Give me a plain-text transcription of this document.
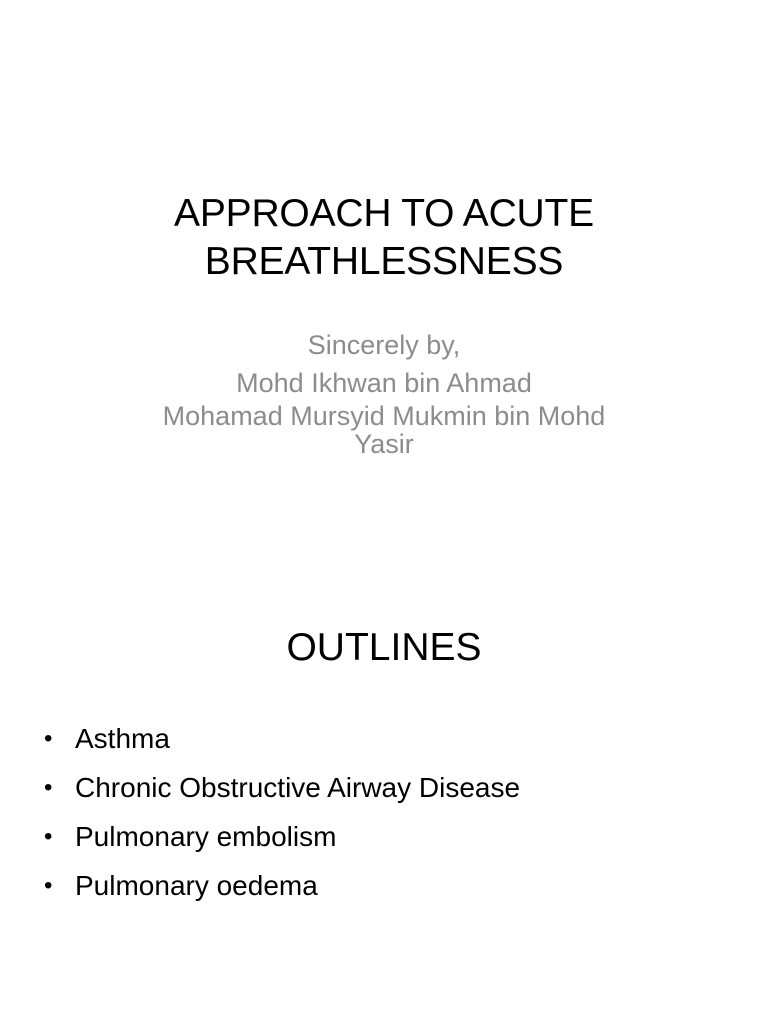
APPROACH TO ACUTE
BREATHLESSNESS
Sincerely by,
Mohd Ikhwan bin Ahmad
Mohamad Mursyid Mukmin bin Mohd
Yasir
OUTLINES
• Asthma
• Chronic Obstructive Airway Disease
• Pulmonary embolism
• Pulmonary oedema
